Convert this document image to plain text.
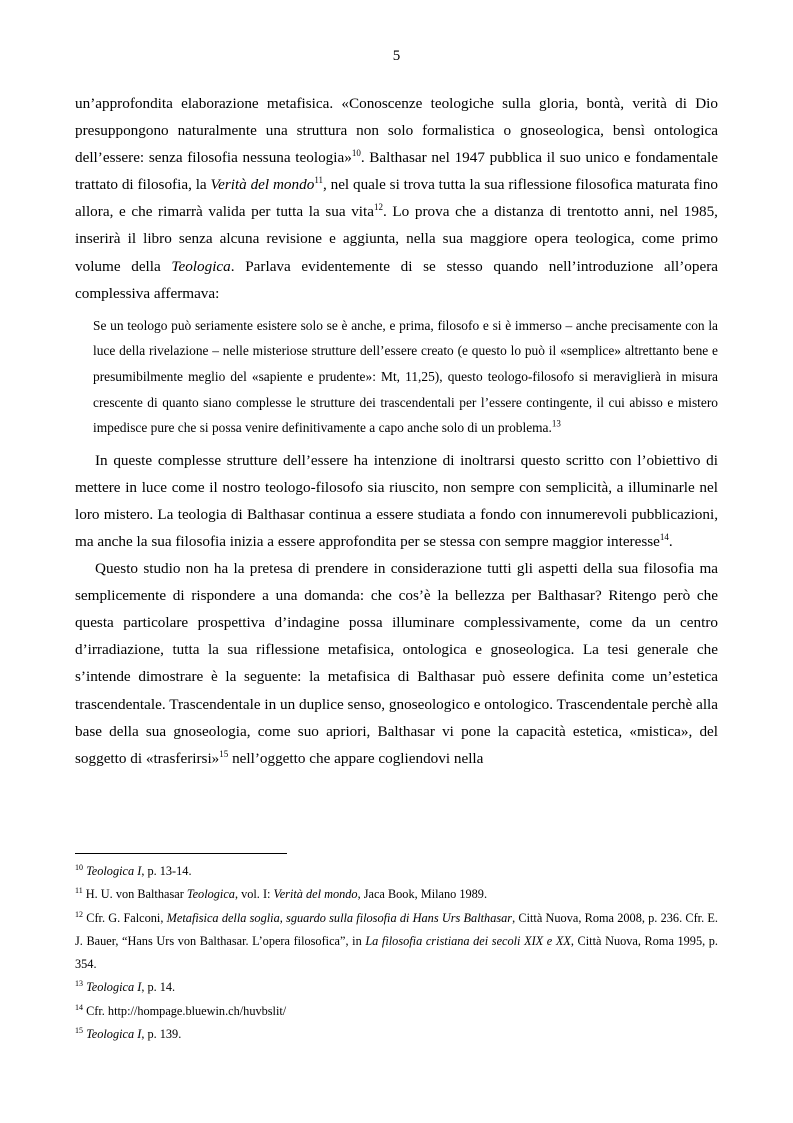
5

un’approfondita elaborazione metafisica. «Conoscenze teologiche sulla gloria, bontà, verità di Dio presuppongono naturalmente una struttura non solo formalistica o gnoseologica, bensì ontologica dell’essere: senza filosofia nessuna teologia»$^{10}$. Balthasar nel 1947 pubblica il suo unico e fondamentale trattato di filosofia, la Verità del mondo$^{11}$, nel quale si trova tutta la sua riflessione filosofica maturata fino allora, e che rimarrà valida per tutta la sua vita$^{12}$. Lo prova che a distanza di trentotto anni, nel 1985, inserirà il libro senza alcuna revisione e aggiunta, nella sua maggiore opera teologica, come primo volume della Teologica. Parlava evidentemente di se stesso quando nell’introduzione all’opera complessiva affermava:

Se un teologo può seriamente esistere solo se è anche, e prima, filosofo e si è immerso – anche precisamente con la luce della rivelazione – nelle misteriose strutture dell’essere creato (e questo lo può il «semplice» altrettanto bene e presumibilmente meglio del «sapiente e prudente»: Mt, 11,25), questo teologo-filosofo si meraviglierà in misura crescente di quanto siano complesse le strutture dei trascendentali per l’essere contingente, il cui abisso e mistero impedisce pure che si possa venire definitivamente a capo anche solo di un problema.$^{13}$

In queste complesse strutture dell’essere ha intenzione di inoltrarsi questo scritto con l’obiettivo di mettere in luce come il nostro teologo-filosofo sia riuscito, non sempre con semplicità, a illuminarle nel loro mistero. La teologia di Balthasar continua a essere studiata a fondo con innumerevoli pubblicazioni, ma anche la sua filosofia inizia a essere approfondita per se stessa con sempre maggior interesse$^{14}$.

Questo studio non ha la pretesa di prendere in considerazione tutti gli aspetti della sua filosofia ma semplicemente di rispondere a una domanda: che cos’è la bellezza per Balthasar? Ritengo però che questa particolare prospettiva d’indagine possa illuminare complessivamente, come da un centro d’irradiazione, tutta la sua riflessione metafisica, ontologica e gnoseologica. La tesi generale che s’intende dimostrare è la seguente: la metafisica di Balthasar può essere definita come un’estetica trascendentale. Trascendentale in un duplice senso, gnoseologico e ontologico. Trascendentale perchè alla base della sua gnoseologia, come suo apriori, Balthasar vi pone la capacità estetica, «mistica», del soggetto di «trasferirsi»$^{15}$ nell’oggetto che appare cogliendovi nella

$^{10}$ Teologica I, p. 13-14.

$^{11}$ H. U. von Balthasar Teologica, vol. I: Verità del mondo, Jaca Book, Milano 1989.

$^{12}$ Cfr. G. Falconi, Metafisica della soglia, sguardo sulla filosofia di Hans Urs Balthasar, Città Nuova, Roma 2008, p. 236. Cfr. E. J. Bauer, “Hans Urs von Balthasar. L’opera filosofica”, in La filosofia cristiana dei secoli XIX e XX, Città Nuova, Roma 1995, p. 354.

$^{13}$ Teologica I, p. 14.

$^{14}$ Cfr. http://hompage.bluewin.ch/huvbslit/

$^{15}$ Teologica I, p. 139.
